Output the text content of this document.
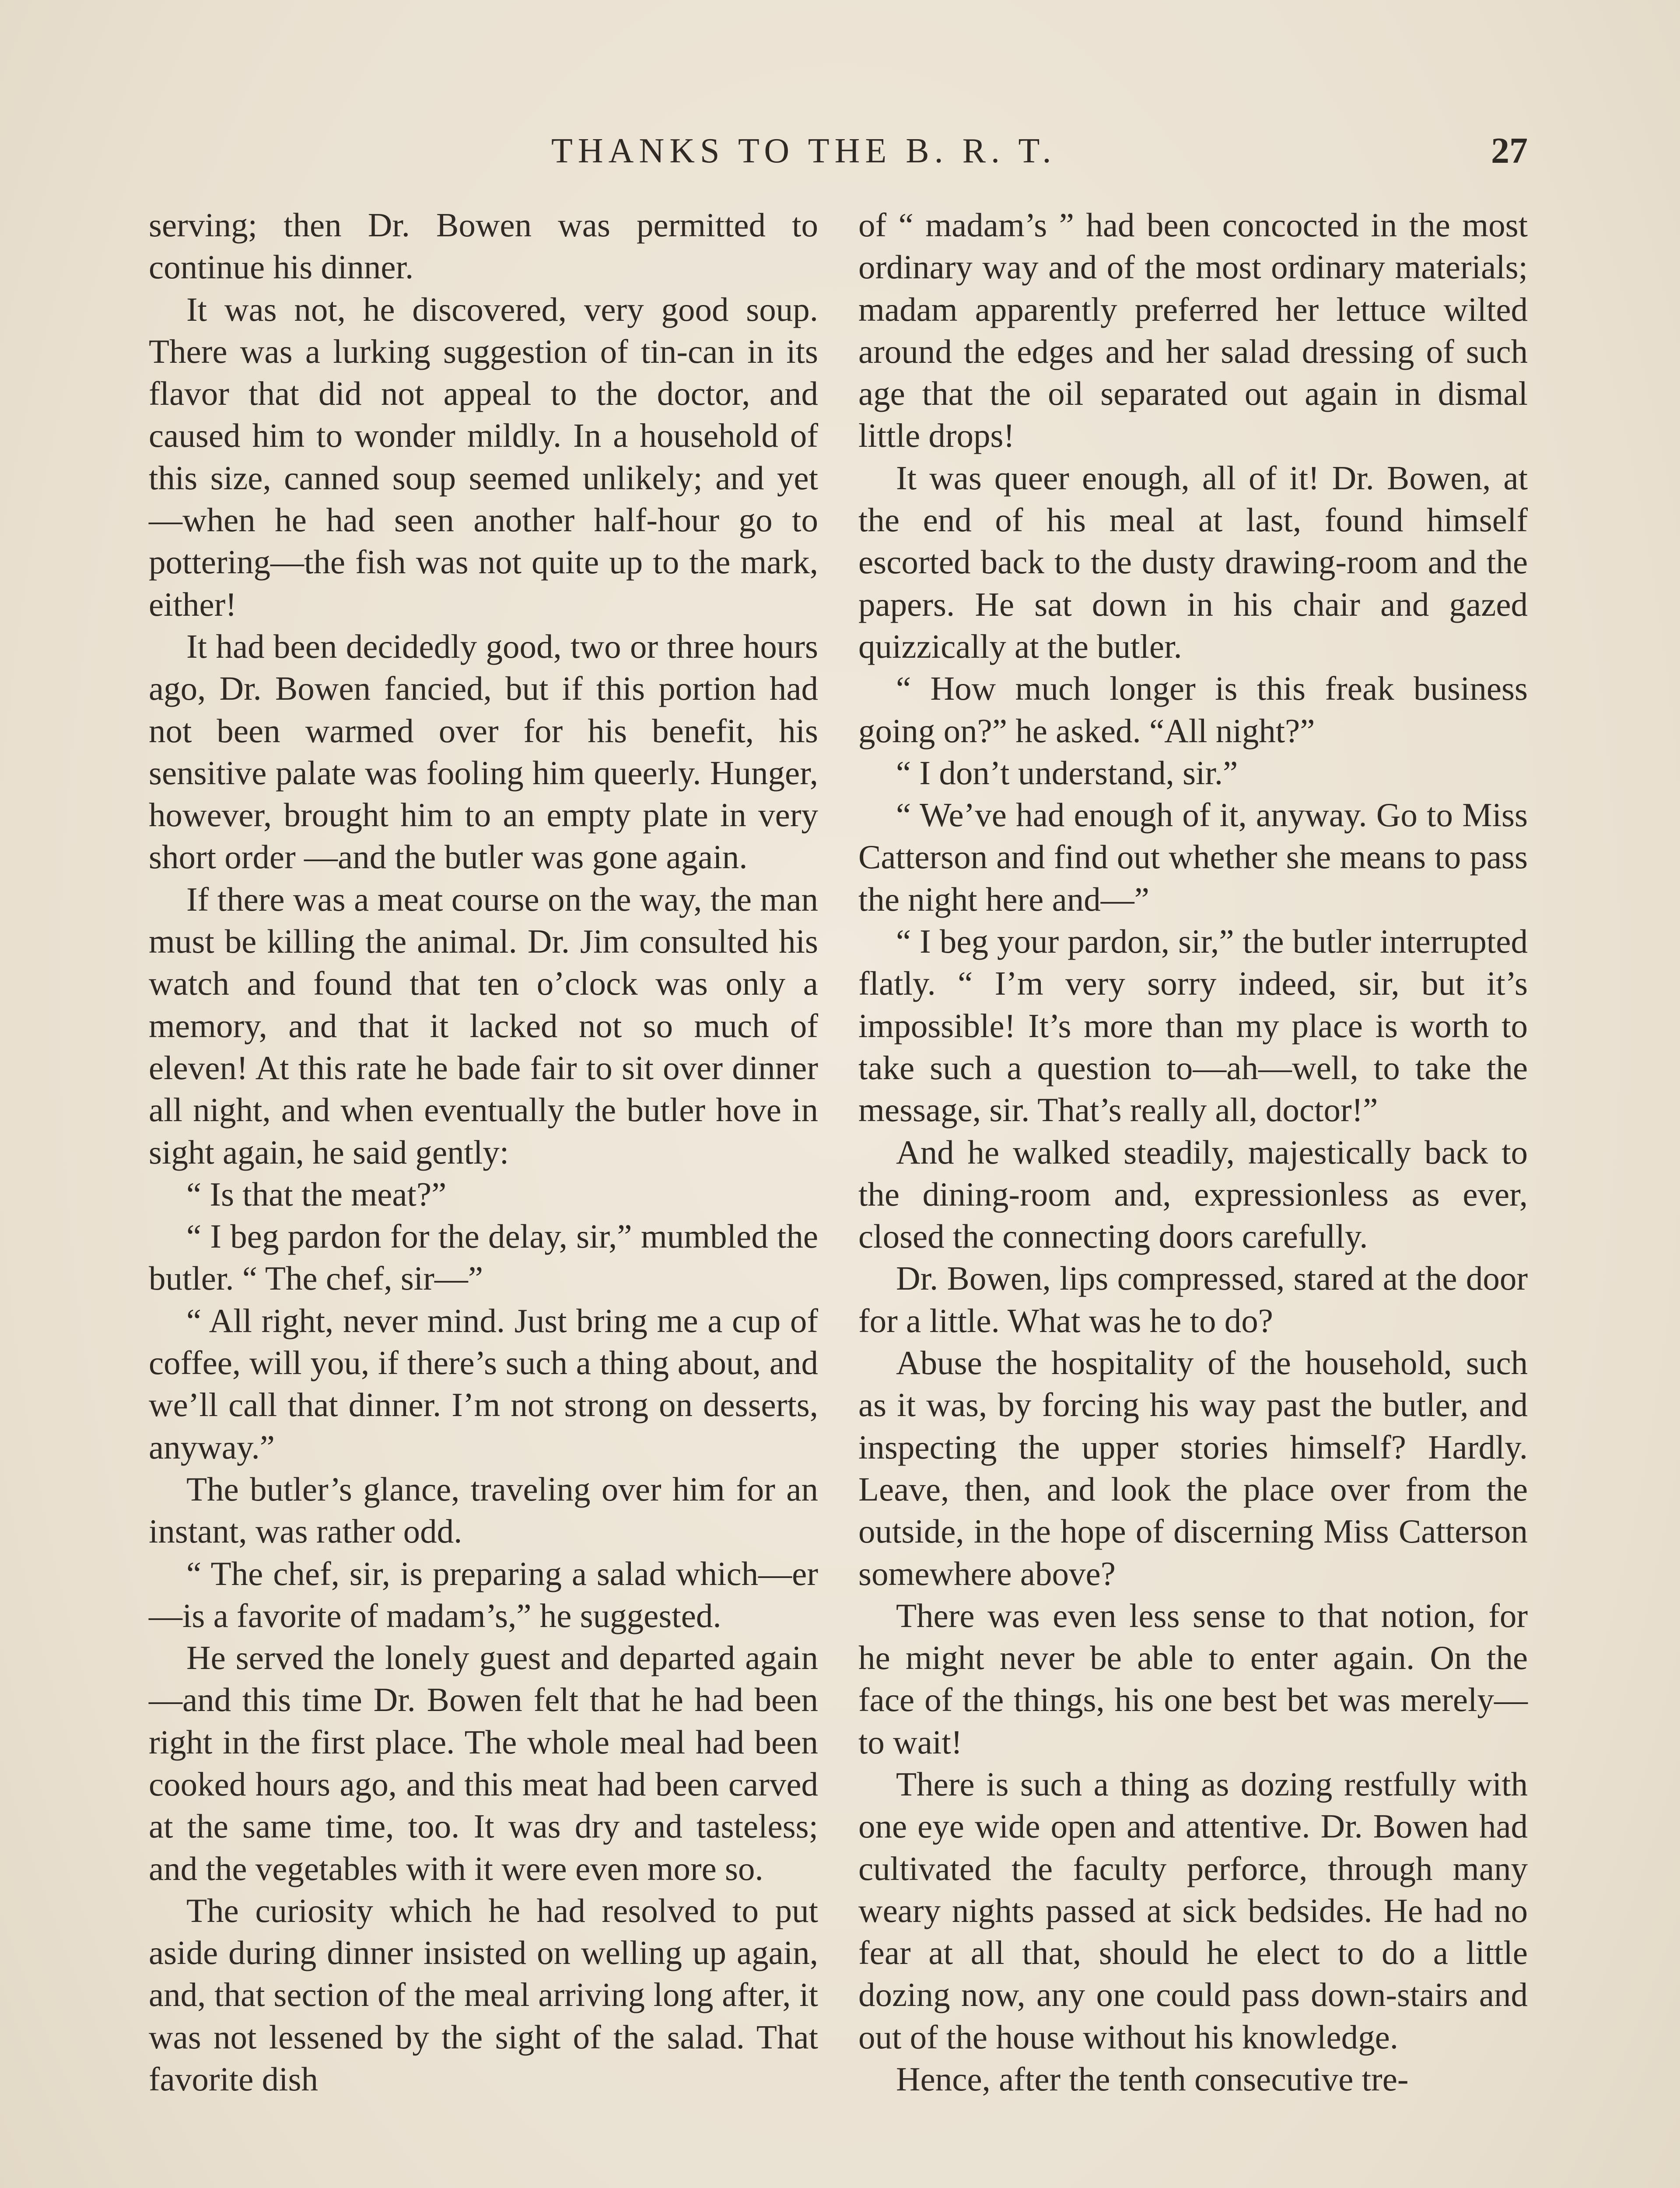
THANKS TO THE B. R. T.	27

serving; then Dr. Bowen was permitted to continue his dinner.

It was not, he discovered, very good soup. There was a lurking suggestion of tin-can in its flavor that did not appeal to the doctor, and caused him to wonder mildly. In a household of this size, canned soup seemed unlikely; and yet—when he had seen another half-hour go to pottering—the fish was not quite up to the mark, either!

It had been decidedly good, two or three hours ago, Dr. Bowen fancied, but if this portion had not been warmed over for his benefit, his sensitive palate was fooling him queerly. Hunger, however, brought him to an empty plate in very short order —and the butler was gone again.

If there was a meat course on the way, the man must be killing the animal. Dr. Jim consulted his watch and found that ten o’clock was only a memory, and that it lacked not so much of eleven! At this rate he bade fair to sit over dinner all night, and when eventually the butler hove in sight again, he said gently:

“ Is that the meat?”

“ I beg pardon for the delay, sir,” mumbled the butler. “ The chef, sir—”

“ All right, never mind. Just bring me a cup of coffee, will you, if there’s such a thing about, and we’ll call that dinner. I’m not strong on desserts, anyway.”

The butler’s glance, traveling over him for an instant, was rather odd.

“ The chef, sir, is preparing a salad which—er—is a favorite of madam’s,” he suggested.

He served the lonely guest and departed again—and this time Dr. Bowen felt that he had been right in the first place. The whole meal had been cooked hours ago, and this meat had been carved at the same time, too. It was dry and tasteless; and the vegetables with it were even more so.

The curiosity which he had resolved to put aside during dinner insisted on welling up again, and, that section of the meal arriving long after, it was not lessened by the sight of the salad. That favorite dish

of “ madam’s ” had been concocted in the most ordinary way and of the most ordinary materials; madam apparently preferred her lettuce wilted around the edges and her salad dressing of such age that the oil separated out again in dismal little drops!

It was queer enough, all of it! Dr. Bowen, at the end of his meal at last, found himself escorted back to the dusty drawing-room and the papers. He sat down in his chair and gazed quizzically at the butler.

“ How much longer is this freak business going on?” he asked. “All night?”

“ I don’t understand, sir.”

“ We’ve had enough of it, anyway. Go to Miss Catterson and find out whether she means to pass the night here and—”

“ I beg your pardon, sir,” the butler interrupted flatly. “ I’m very sorry indeed, sir, but it’s impossible! It’s more than my place is worth to take such a question to—ah—well, to take the message, sir. That’s really all, doctor!”

And he walked steadily, majestically back to the dining-room and, expressionless as ever, closed the connecting doors carefully.

Dr. Bowen, lips compressed, stared at the door for a little. What was he to do?

Abuse the hospitality of the household, such as it was, by forcing his way past the butler, and inspecting the upper stories himself? Hardly. Leave, then, and look the place over from the outside, in the hope of discerning Miss Catterson somewhere above?

There was even less sense to that notion, for he might never be able to enter again. On the face of the things, his one best bet was merely—to wait!

There is such a thing as dozing restfully with one eye wide open and attentive. Dr. Bowen had cultivated the faculty perforce, through many weary nights passed at sick bedsides. He had no fear at all that, should he elect to do a little dozing now, any one could pass down-stairs and out of the house without his knowledge.

Hence, after the tenth consecutive tre-
